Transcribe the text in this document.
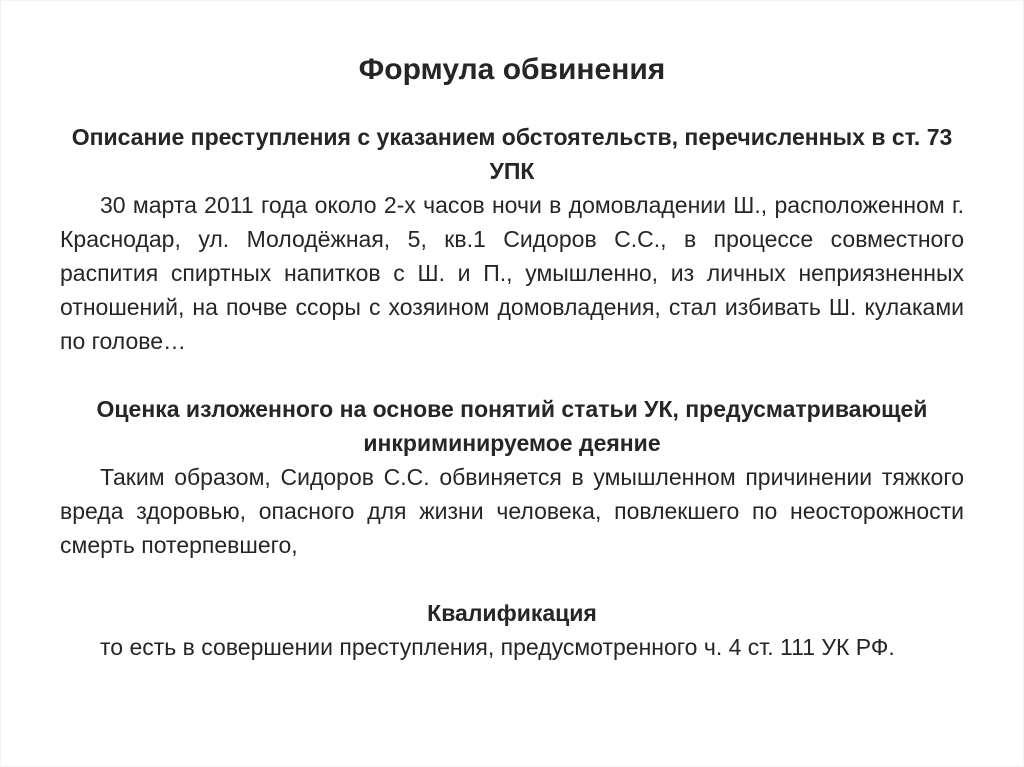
Формула обвинения

Описание преступления с указанием обстоятельств, перечисленных в ст. 73 УПК

30 марта 2011 года около 2-х часов ночи в домовладении Ш., расположенном г. Краснодар, ул. Молодёжная, 5, кв.1 Сидоров С.С., в процессе совместного распития спиртных напитков с Ш. и П., умышленно, из личных неприязненных отношений, на почве ссоры с хозяином домовладения, стал избивать Ш. кулаками по голове…

Оценка изложенного на основе понятий статьи УК, предусматривающей инкриминируемое деяние

Таким образом, Сидоров С.С. обвиняется в умышленном причинении тяжкого вреда здоровью, опасного для жизни человека, повлекшего по неосторожности смерть потерпевшего,

Квалификация

то есть в совершении преступления, предусмотренного ч. 4 ст. 111 УК РФ.
